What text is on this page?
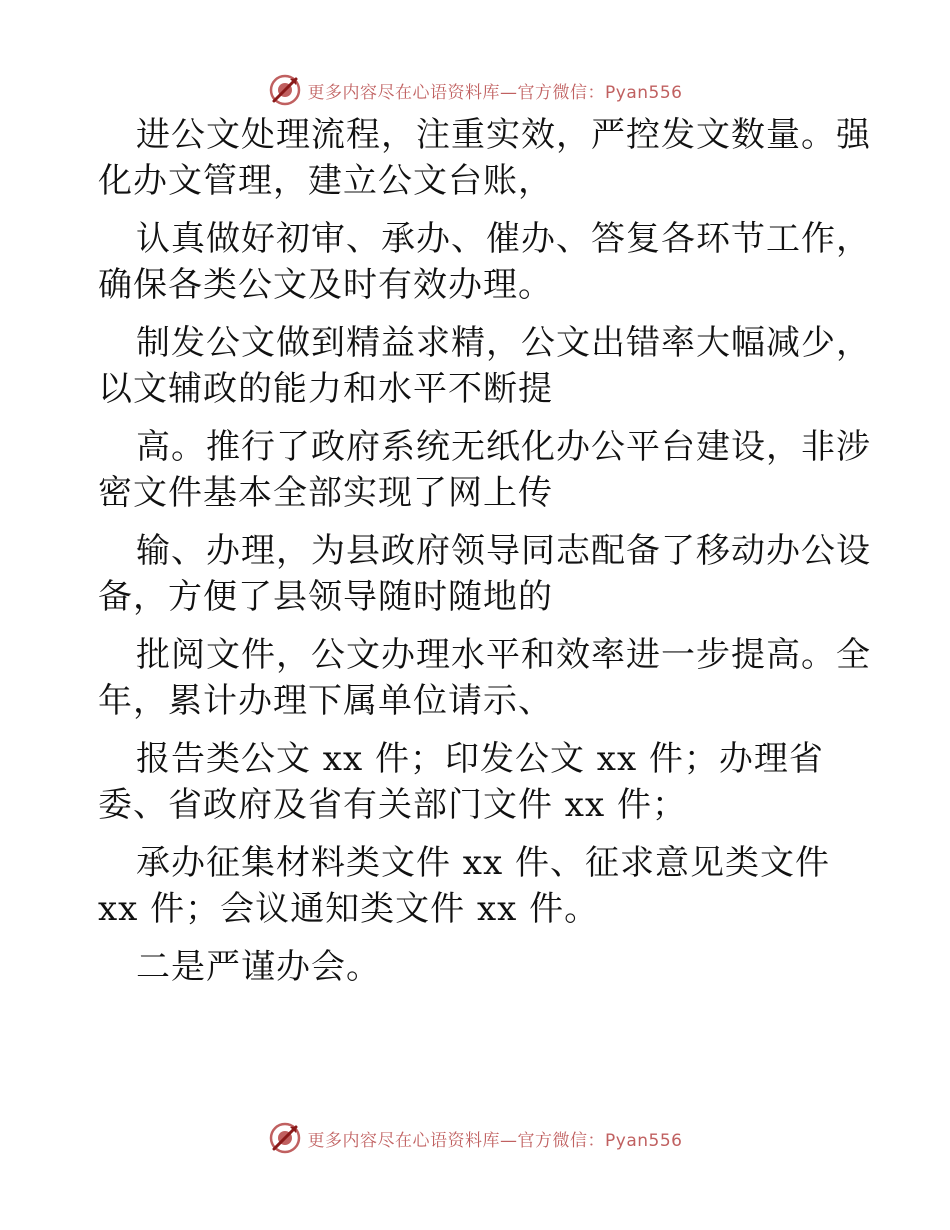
更多内容尽在心语资料库—官方微信：Pyan556
进公文处理流程，注重实效，严控发文数量。强
化办文管理，建立公文台账，
认真做好初审、承办、催办、答复各环节工作，
确保各类公文及时有效办理。
制发公文做到精益求精，公文出错率大幅减少，
以文辅政的能力和水平不断提
高。推行了政府系统无纸化办公平台建设，非涉
密文件基本全部实现了网上传
输、办理，为县政府领导同志配备了移动办公设
备，方便了县领导随时随地的
批阅文件，公文办理水平和效率进一步提高。全
年，累计办理下属单位请示、
报告类公文 xx 件；印发公文 xx 件；办理省
委、省政府及省有关部门文件 xx 件；
承办征集材料类文件 xx 件、征求意见类文件
xx 件；会议通知类文件 xx 件。
二是严谨办会。
更多内容尽在心语资料库—官方微信：Pyan556
